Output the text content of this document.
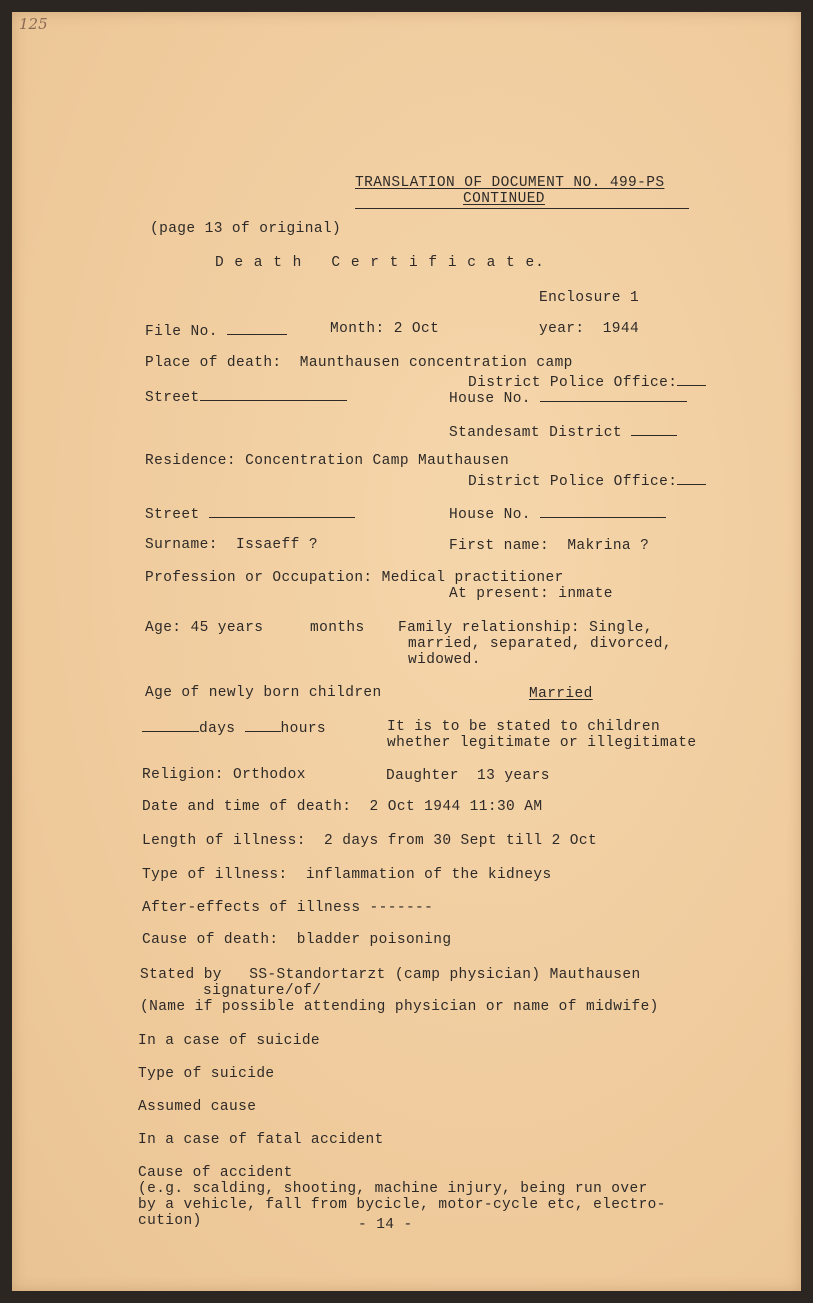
125
TRANSLATION OF DOCUMENT NO. 499-PS
CONTINUED
(page 13 of original)
D e a t h   C e r t i f i c a t e.
Enclosure 1
File No.	Month: 2 Oct	year:  1944
Place of death:  Maunthausen concentration camp
District Police Office:
Street	House No.
Standesamt District
Residence: Concentration Camp Mauthausen
District Police Office:
Street	House No.
Surname:  Issaeff ?	First name:  Makrina ?
Profession or Occupation: Medical practitioner
At present: inmate
Age: 45 years	months Family relationship: Single,
married, separated, divorced,
widowed.
Age of newly born children	Married
days	hours	It is to be stated to children
whether legitimate or illegitimate
Religion: Orthodox	Daughter  13 years
Date and time of death:  2 Oct 1944 11:30 AM
Length of illness:  2 days from 30 Sept till 2 Oct
Type of illness:  inflammation of the kidneys
After-effects of illness -------
Cause of death:  bladder poisoning
Stated by   SS-Standortarzt (camp physician) Mauthausen
signature/of/
(Name if possible attending physician or name of midwife)
In a case of suicide
Type of suicide
Assumed cause
In a case of fatal accident
Cause of accident
(e.g. scalding, shooting, machine injury, being run over
by a vehicle, fall from bycicle, motor-cycle etc, electro-
cution)	- 14 -
